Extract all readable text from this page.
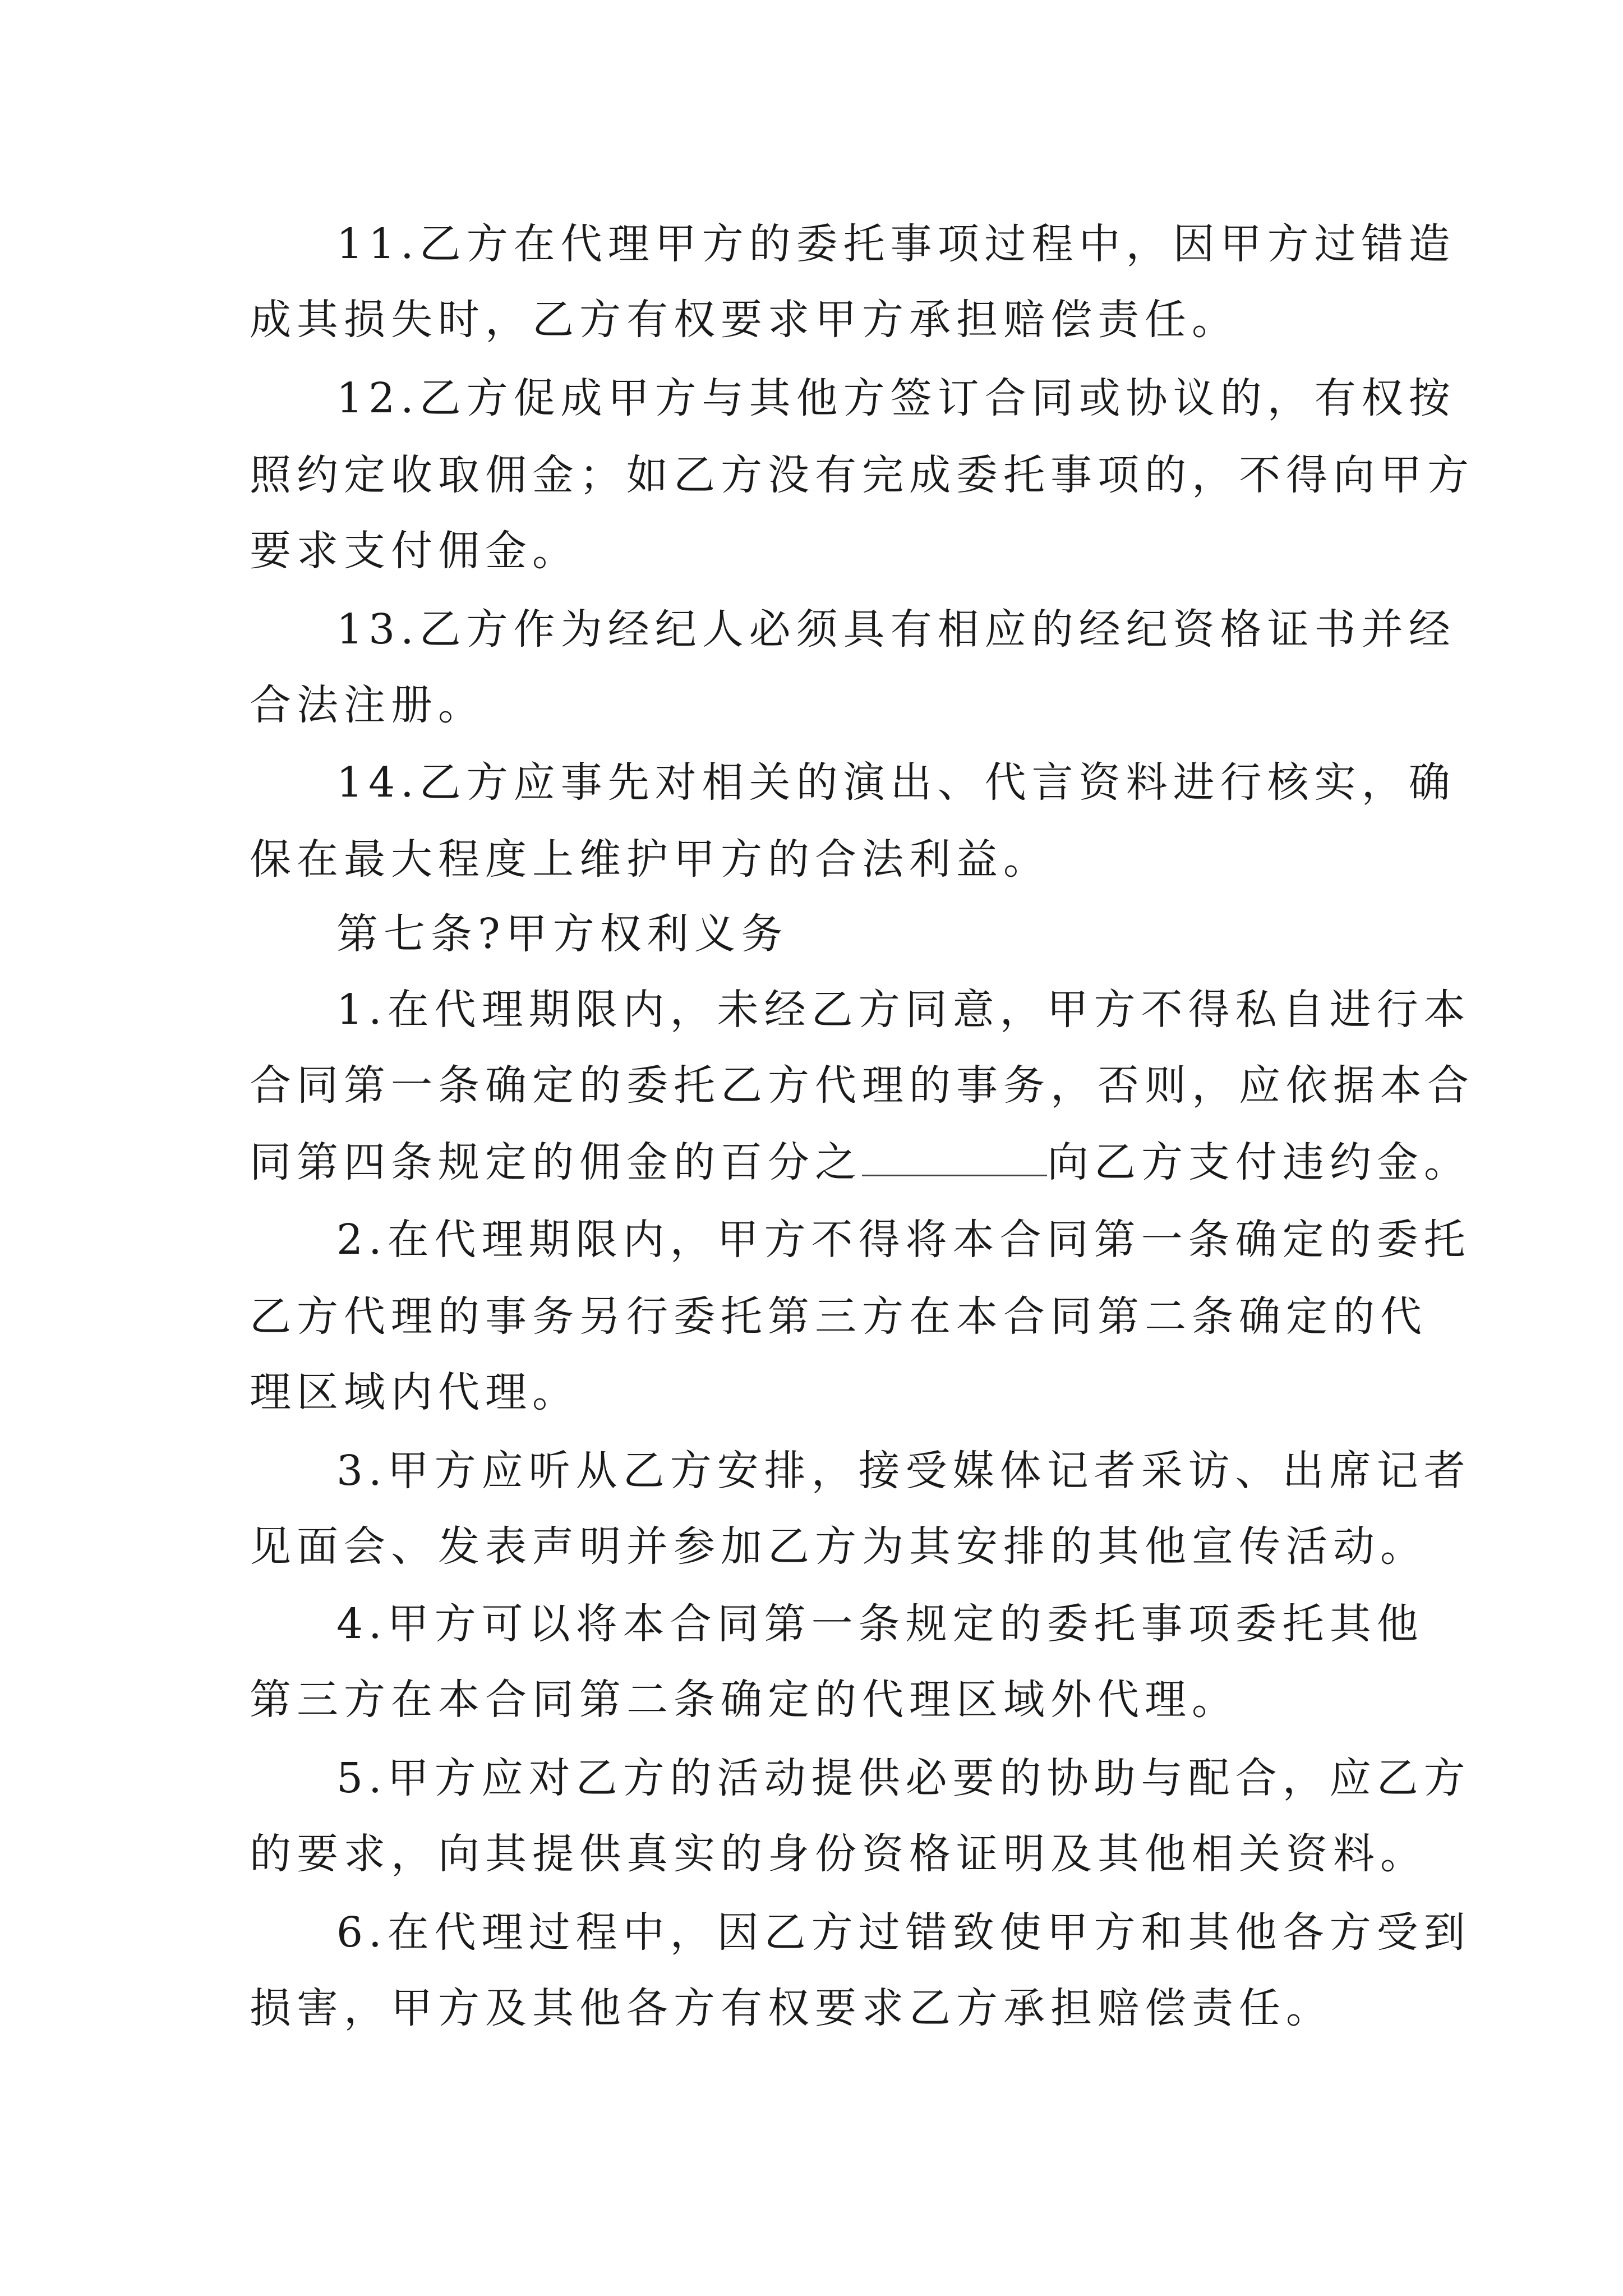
11.乙方在代理甲方的委托事项过程中，因甲方过错造

成其损失时，乙方有权要求甲方承担赔偿责任。

12.乙方促成甲方与其他方签订合同或协议的，有权按

照约定收取佣金；如乙方没有完成委托事项的，不得向甲方

要求支付佣金。

13.乙方作为经纪人必须具有相应的经纪资格证书并经

合法注册。

14.乙方应事先对相关的演出、代言资料进行核实，确

保在最大程度上维护甲方的合法利益。

第七条?甲方权利义务

1.在代理期限内，未经乙方同意，甲方不得私自进行本

合同第一条确定的委托乙方代理的事务，否则，应依据本合

同第四条规定的佣金的百分之	向乙方支付违约金。

2.在代理期限内，甲方不得将本合同第一条确定的委托

乙方代理的事务另行委托第三方在本合同第二条确定的代

理区域内代理。

3.甲方应听从乙方安排，接受媒体记者采访、出席记者

见面会、发表声明并参加乙方为其安排的其他宣传活动。

4.甲方可以将本合同第一条规定的委托事项委托其他

第三方在本合同第二条确定的代理区域外代理。

5.甲方应对乙方的活动提供必要的协助与配合，应乙方

的要求，向其提供真实的身份资格证明及其他相关资料。

6.在代理过程中，因乙方过错致使甲方和其他各方受到

损害，甲方及其他各方有权要求乙方承担赔偿责任。
